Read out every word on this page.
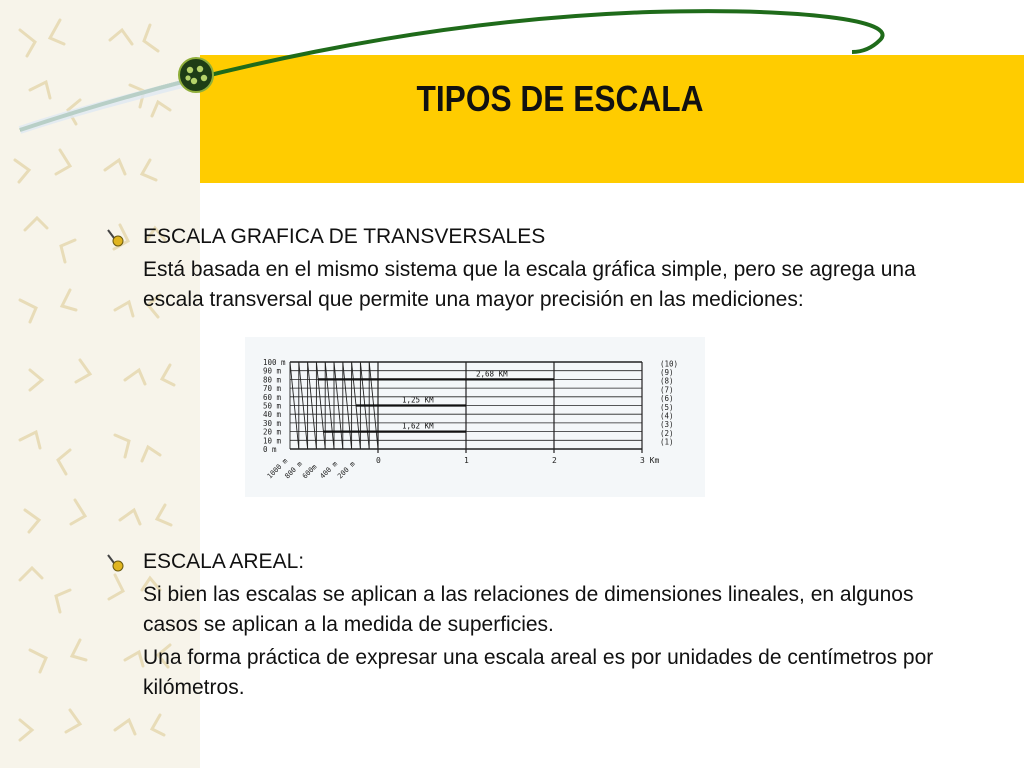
TIPOS DE ESCALA
ESCALA GRAFICA DE TRANSVERSALES
Está basada en el mismo sistema que la escala gráfica simple, pero se agrega una escala transversal que permite una mayor precisión en las mediciones:
100 m
90 m
80 m
70 m
60 m
50 m
40 m
30 m
20 m
10 m
0 m
(10)
(9)
(8)
(7)
(6)
(5)
(4)
(3)
(2)
(1)
0	1	2	3 Km
1000 m
800 m
600m 400 m
200 m
2,68 KM
1,25 KM
1,62 KM
ESCALA AREAL:
Si bien las escalas se aplican a las relaciones de dimensiones lineales, en algunos casos se aplican a la medida de superficies.
Una forma práctica de expresar una escala areal es por unidades de centímetros por kilómetros.
